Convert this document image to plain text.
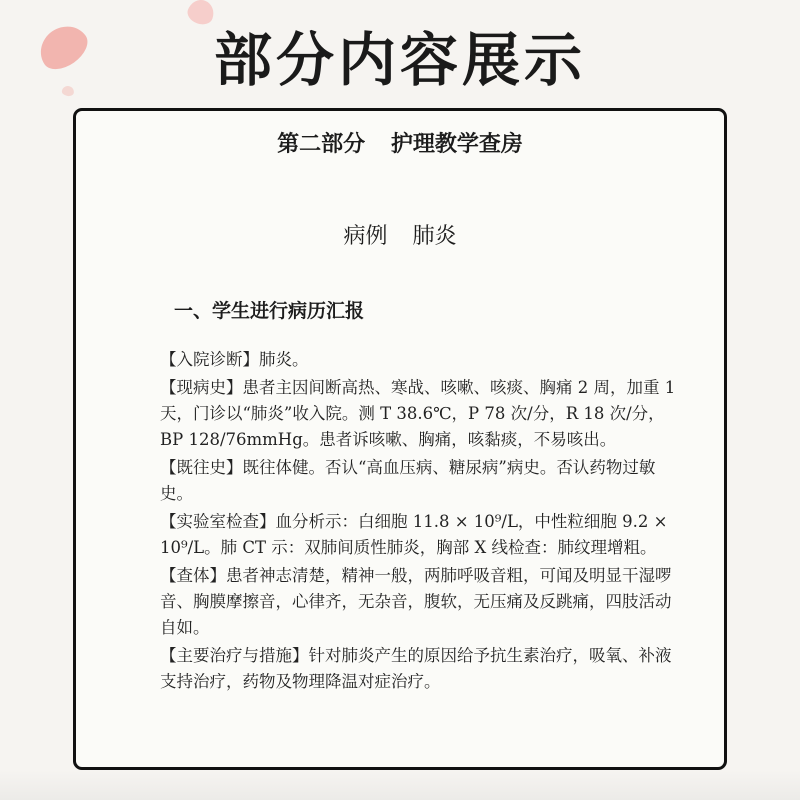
部分内容展示
第二部分 护理教学查房
病例 肺炎
一、学生进行病历汇报

【入院诊断】肺炎。

【现病史】患者主因间断高热、寒战、咳嗽、咳痰、胸痛 2 周，加重 1 天，门诊以“肺炎”收入院。测 T 38.6℃，P 78 次/分，R 18 次/分，BP 128/76mmHg。患者诉咳嗽、胸痛，咳黏痰，不易咳出。

【既往史】既往体健。否认“高血压病、糖尿病”病史。否认药物过敏史。

【实验室检查】血分析示：白细胞 11.8 × 10⁹/L，中性粒细胞 9.2 × 10⁹/L。肺 CT 示：双肺间质性肺炎，胸部 X 线检查：肺纹理增粗。

【查体】患者神志清楚，精神一般，两肺呼吸音粗，可闻及明显干湿啰音、胸膜摩擦音，心律齐，无杂音，腹软，无压痛及反跳痛，四肢活动自如。

【主要治疗与措施】针对肺炎产生的原因给予抗生素治疗，吸氧、补液支持治疗，药物及物理降温对症治疗。
